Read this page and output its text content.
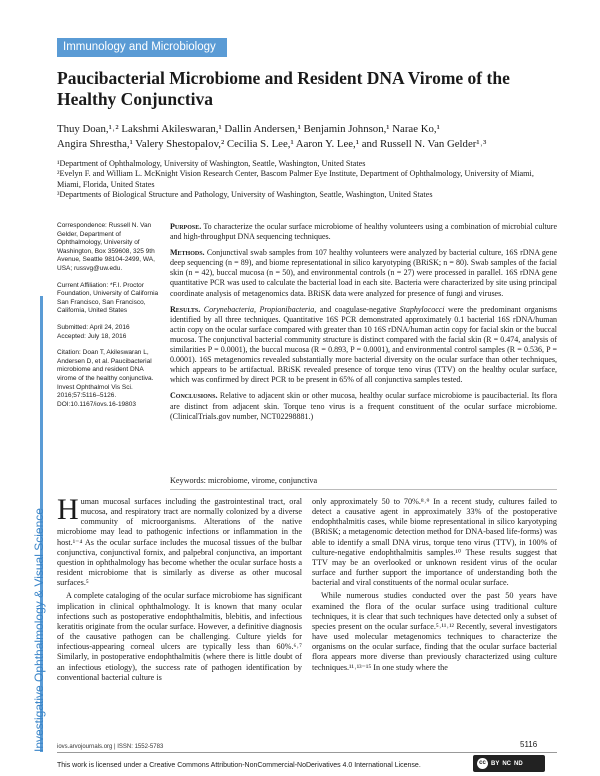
Investigative Ophthalmology & Visual Science
Immunology and Microbiology
Paucibacterial Microbiome and Resident DNA Virome of the Healthy Conjunctiva
Thuy Doan,¹˒² Lakshmi Akileswaran,¹ Dallin Andersen,¹ Benjamin Johnson,¹ Narae Ko,¹
Angira Shrestha,¹ Valery Shestopalov,² Cecilia S. Lee,¹ Aaron Y. Lee,¹ and Russell N. Van Gelder¹˒³

¹Department of Ophthalmology, University of Washington, Seattle, Washington, United States

²Evelyn F. and William L. McKnight Vision Research Center, Bascom Palmer Eye Institute, Department of Ophthalmology, University of Miami, Miami, Florida, United States

³Departments of Biological Structure and Pathology, University of Washington, Seattle, Washington, United States

Correspondence: Russell N. Van Gelder, Department of Ophthalmology, University of Washington, Box 359608, 325 9th Avenue, Seattle 98104-2499, WA, USA; russvg@uw.edu.

Current Affiliation: *F.I. Proctor Foundation, University of California San Francisco, San Francisco, California, United States

Submitted: April 24, 2016

Accepted: July 18, 2016

Citation: Doan T, Akileswaran L, Andersen D, et al. Paucibacterial microbiome and resident DNA virome of the healthy conjunctiva. Invest Ophthalmol Vis Sci. 2016;57:5116–5126. DOI:10.1167/iovs.16-19803

Purpose. To characterize the ocular surface microbiome of healthy volunteers using a combination of microbial culture and high-throughput DNA sequencing techniques.

Methods. Conjunctival swab samples from 107 healthy volunteers were analyzed by bacterial culture, 16S rDNA gene deep sequencing (n = 89), and biome representational in silico karyotyping (BRiSK; n = 80). Swab samples of the facial skin (n = 42), buccal mucosa (n = 50), and environmental controls (n = 27) were processed in parallel. 16S rDNA gene quantitative PCR was used to calculate the bacterial load in each site. Bacteria were characterized by site using principal coordinate analysis of metagenomics data. BRiSK data were analyzed for presence of fungi and viruses.

Results. Corynebacteria, Propionibacteria, and coagulase-negative Staphylococci were the predominant organisms identified by all three techniques. Quantitative 16S PCR demonstrated approximately 0.1 bacterial 16S rDNA/human actin copy on the ocular surface compared with greater than 10 16S rDNA/human actin copy for facial skin or the buccal mucosa. The conjunctival bacterial community structure is distinct compared with the facial skin (R = 0.474, analysis of similarities P = 0.0001), the buccal mucosa (R = 0.893, P = 0.0001), and environmental control samples (R = 0.536, P = 0.0001). 16S metagenomics revealed substantially more bacterial diversity on the ocular surface than other techniques, which appears to be artifactual. BRiSK revealed presence of torque teno virus (TTV) on the healthy ocular surface, which was confirmed by direct PCR to be present in 65% of all conjunctiva samples tested.

Conclusions. Relative to adjacent skin or other mucosa, healthy ocular surface microbiome is paucibacterial. Its flora are distinct from adjacent skin. Torque teno virus is a frequent constituent of the ocular surface microbiome. (ClinicalTrials.gov number, NCT02298881.)

Keywords: microbiome, virome, conjunctiva

Human mucosal surfaces including the gastrointestinal tract, oral mucosa, and respiratory tract are normally colonized by a diverse community of microorganisms. Alterations of the native microbiome may lead to pathogenic infections or inflammation in the host.¹⁻⁴ As the ocular surface includes the mucosal tissues of the bulbar conjunctiva, conjunctival fornix, and palpebral conjunctiva, an important question in ophthalmology has become whether the ocular surface hosts a resident microbiome that is similarly as diverse as other mucosal surfaces.⁵

A complete cataloging of the ocular surface microbiome has significant implication in clinical ophthalmology. It is known that many ocular infections such as postoperative endophthalmitis, blebitis, and infectious keratitis originate from the ocular surface. However, a definitive diagnosis of the causative pathogen can be challenging. Culture yields for infectious-appearing corneal ulcers are typically less than 60%.⁶˒⁷ Similarly, in postoperative endophthalmitis (where there is little doubt of an infectious etiology), the success rate of pathogen identification by conventional bacterial culture is

only approximately 50 to 70%.⁸˒⁹ In a recent study, cultures failed to detect a causative agent in approximately 33% of the postoperative endophthalmitis cases, while biome representational in silico karyotyping (BRiSK; a metagenomic detection method for DNA-based life-forms) was able to identify a small DNA virus, torque teno virus (TTV), in 100% of culture-negative endophthalmitis samples.¹⁰ These results suggest that TTV may be an overlooked or unknown resident virus of the ocular surface and further support the importance of understanding both the bacterial and viral constituents of the normal ocular surface.

While numerous studies conducted over the past 50 years have examined the flora of the ocular surface using traditional culture techniques, it is clear that such techniques have detected only a subset of species present on the ocular surface.⁵˒¹¹˒¹² Recently, several investigators have used molecular metagenomics techniques to characterize the organisms on the ocular surface, finding that the ocular surface bacterial flora appears more diverse than previously characterized using culture techniques.¹¹˒¹³⁻¹⁵ In one study where the

iovs.arvojournals.org | ISSN: 1552-5783	5116
This work is licensed under a Creative Commons Attribution-NonCommercial-NoDerivatives 4.0 International License.	cc BY NC ND
